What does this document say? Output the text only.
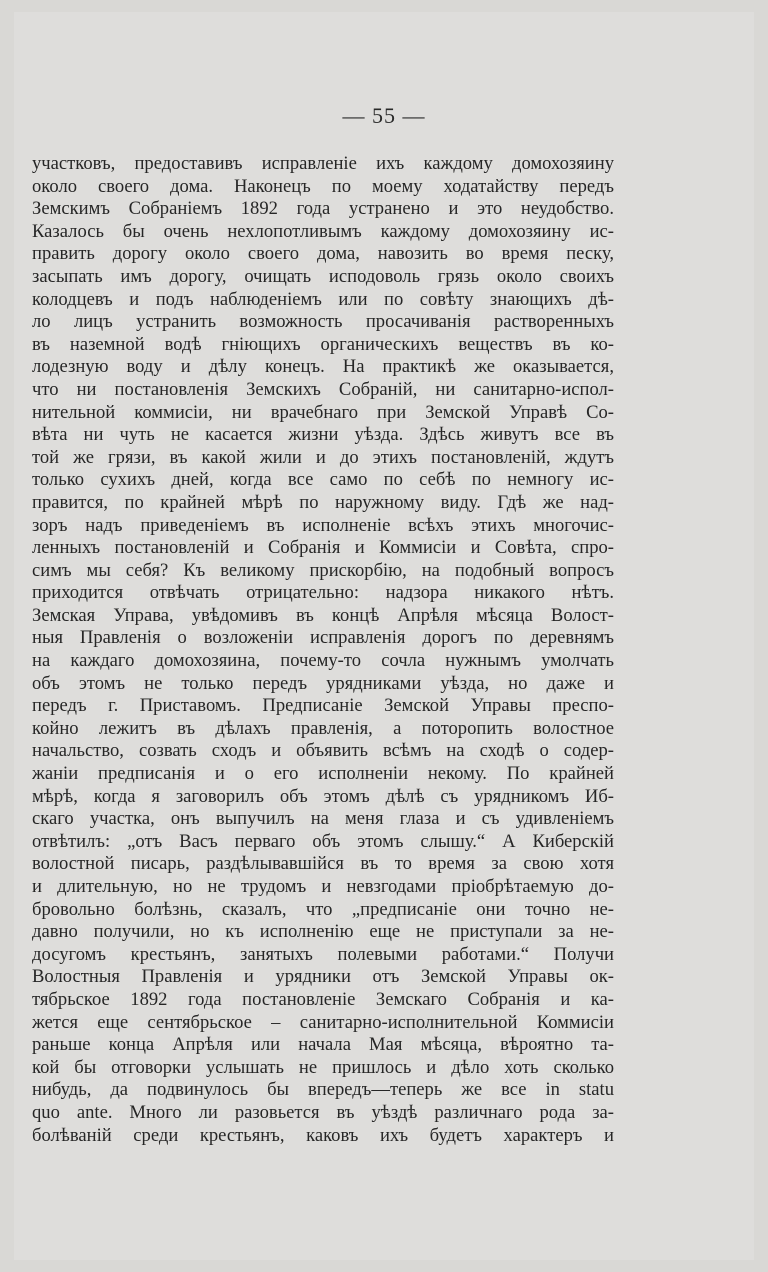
— 55 —
участковъ, предоставивъ исправленіе ихъ каждому домохозяину
около своего дома. Наконецъ по моему ходатайству передъ
Земскимъ Собраніемъ 1892 года устранено и это неудобство.
Казалось бы очень нехлопотливымъ каждому домохозяину ис-
править дорогу около своего дома, навозить во время песку,
засыпать имъ дорогу, очищать исподоволь грязь около своихъ
колодцевъ и подъ наблюденіемъ или по совѣту знающихъ дѣ-
ло лицъ устранить возможность просачиванія растворенныхъ
въ наземной водѣ гніющихъ органическихъ веществъ въ ко-
лодезную воду и дѣлу конецъ. На практикѣ же оказывается,
что ни постановленія Земскихъ Собраній, ни санитарно-испол-
нительной коммисіи, ни врачебнаго при Земской Управѣ Со-
вѣта ни чуть не касается жизни уѣзда. Здѣсь живутъ все въ
той же грязи, въ какой жили и до этихъ постановленій, ждутъ
только сухихъ дней, когда все само по себѣ по немногу ис-
правится, по крайней мѣрѣ по наружному виду. Гдѣ же над-
зоръ надъ приведеніемъ въ исполненіе всѣхъ этихъ многочис-
ленныхъ постановленій и Собранія и Коммисіи и Совѣта, спро-
симъ мы себя? Къ великому прискорбію, на подобный вопросъ
приходится отвѣчать отрицательно: надзора никакого нѣтъ.
Земская Управа, увѣдомивъ въ концѣ Апрѣля мѣсяца Волост-
ныя Правленія о возложеніи исправленія дорогъ по деревнямъ
на каждаго домохозяина, почему-то сочла нужнымъ умолчать
объ этомъ не только передъ урядниками уѣзда, но даже и
передъ г. Приставомъ. Предписаніе Земской Управы преспо-
койно лежитъ въ дѣлахъ правленія, а поторопить волостное
начальство, созвать сходъ и объявить всѣмъ на сходѣ о содер-
жаніи предписанія и о его исполненіи некому. По крайней
мѣрѣ, когда я заговорилъ объ этомъ дѣлѣ съ урядникомъ Иб-
скаго участка, онъ выпучилъ на меня глаза и съ удивленіемъ
отвѣтилъ: „отъ Васъ перваго объ этомъ слышу.“ А Киберскій
волостной писарь, раздѣлывавшійся въ то время за свою хотя
и длительную, но не трудомъ и невзгодами пріобрѣтаемую до-
бровольно болѣзнь, сказалъ, что „предписаніе они точно не-
давно получили, но къ исполненію еще не приступали за не-
досугомъ крестьянъ, занятыхъ полевыми работами.“ Получи
Волостныя Правленія и урядники отъ Земской Управы ок-
тябрьское 1892 года постановленіе Земскаго Собранія и ка-
жется еще сентябрьское – санитарно-исполнительной Коммисіи
раньше конца Апрѣля или начала Мая мѣсяца, вѣроятно та-
кой бы отговорки услышать не пришлось и дѣло хоть сколько
нибудь, да подвинулось бы впередъ—теперь же все in statu
quo ante. Много ли разовьется въ уѣздѣ различнаго рода за-
болѣваній среди крестьянъ, каковъ ихъ будетъ характеръ и
